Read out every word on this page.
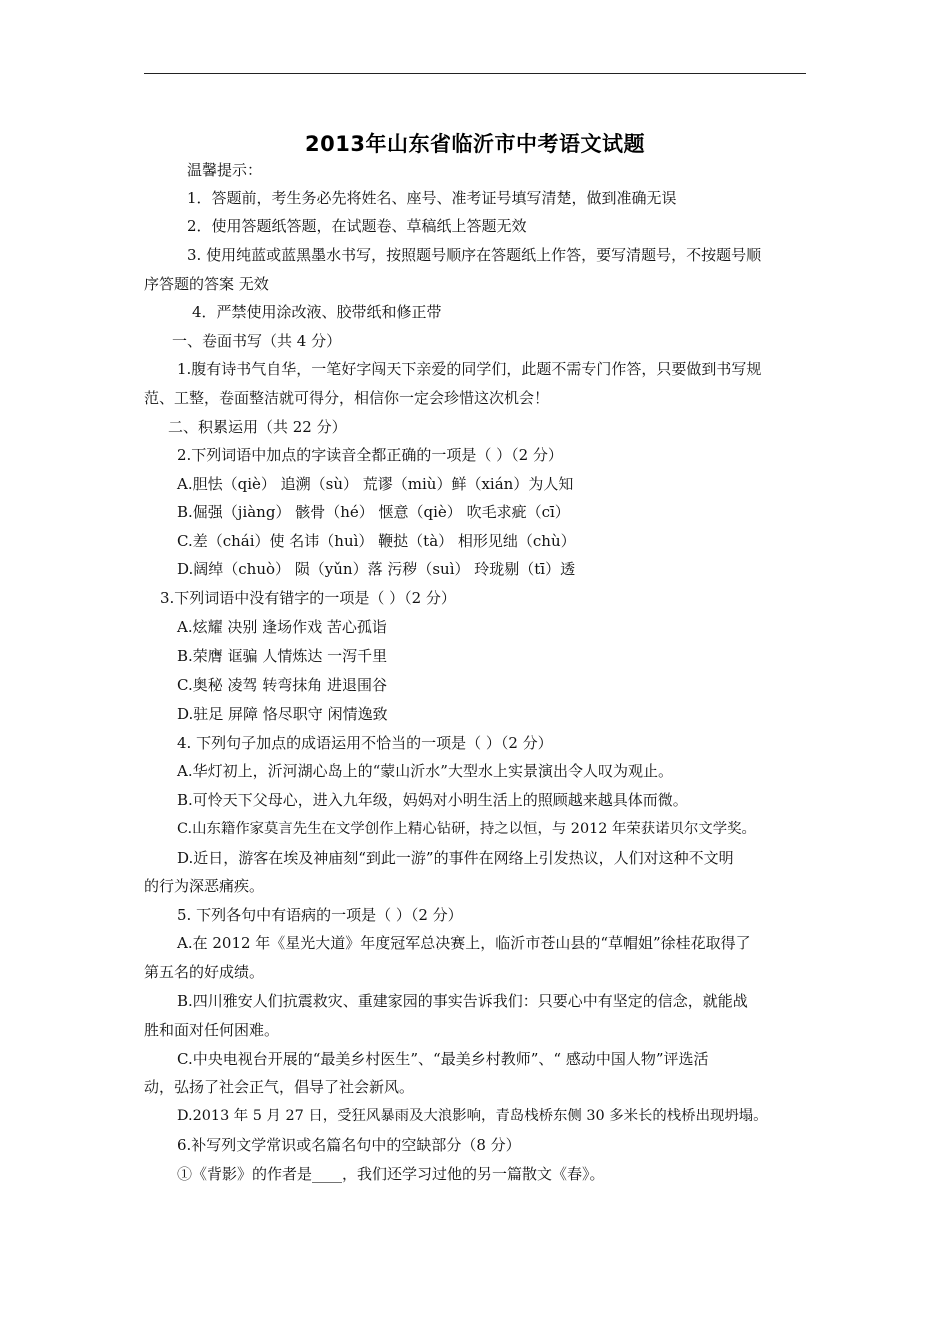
2013年山东省临沂市中考语文试题
温馨提示：
1．答题前，考生务必先将姓名、座号、准考证号填写清楚，做到准确无误
2．使用答题纸答题，在试题卷、草稿纸上答题无效
3. 使用纯蓝或蓝黑墨水书写，按照题号顺序在答题纸上作答，要写清题号，不按题号顺
序答题的答案 无效
4．严禁使用涂改液、胶带纸和修正带
一、卷面书写（共 4 分）
1.腹有诗书气自华，一笔好字闯天下亲爱的同学们，此题不需专门作答，只要做到书写规
范、工整，卷面整洁就可得分，相信你一定会珍惜这次机会！
二、积累运用（共 22 分）
2.下列词语中加点的字读音全都正确的一项是（ ）（2 分）
A.胆怯（qiè） 追溯（sù） 荒谬（miù）鲜（xián）为人知
B.倔强（jiàng） 骸骨（hé） 惬意（qiè） 吹毛求疵（cī）
C.差（chái）使 名讳（huì） 鞭挞（tà） 相形见绌（chù）
D.阔绰（chuò） 陨（yǔn）落 污秽（suì） 玲珑剔（tī）透
3.下列词语中没有错字的一项是（ ）（2 分）
A.炫耀 决别 逢场作戏 苦心孤诣
B.荣膺 诓骗 人情炼达 一泻千里
C.奥秘 凌驾 转弯抹角 进退围谷
D.驻足 屏障 恪尽职守 闲情逸致
4. 下列句子加点的成语运用不恰当的一项是（ ）（2 分）
A.华灯初上，沂河湖心岛上的“蒙山沂水”大型水上实景演出令人叹为观止。
B.可怜天下父母心，进入九年级，妈妈对小明生活上的照顾越来越具体而微。
C.山东籍作家莫言先生在文学创作上精心钻研，持之以恒，与 2012 年荣获诺贝尔文学奖。
D.近日，游客在埃及神庙刻“到此一游”的事件在网络上引发热议，人们对这种不文明
的行为深恶痛疾。
5. 下列各句中有语病的一项是（ ）（2 分）
A.在 2012 年《星光大道》年度冠军总决赛上，临沂市苍山县的“草帽姐”徐桂花取得了
第五名的好成绩。
B.四川雅安人们抗震救灾、重建家园的事实告诉我们：只要心中有坚定的信念，就能战
胜和面对任何困难。
C.中央电视台开展的“最美乡村医生”、“最美乡村教师”、“ 感动中国人物”评选活
动，弘扬了社会正气，倡导了社会新风。
D.2013 年 5 月 27 日，受狂风暴雨及大浪影响，青岛栈桥东侧 30 多米长的栈桥出现坍塌。
6.补写列文学常识或名篇名句中的空缺部分（8 分）
①《背影》的作者是____，我们还学习过他的另一篇散文《春》。
